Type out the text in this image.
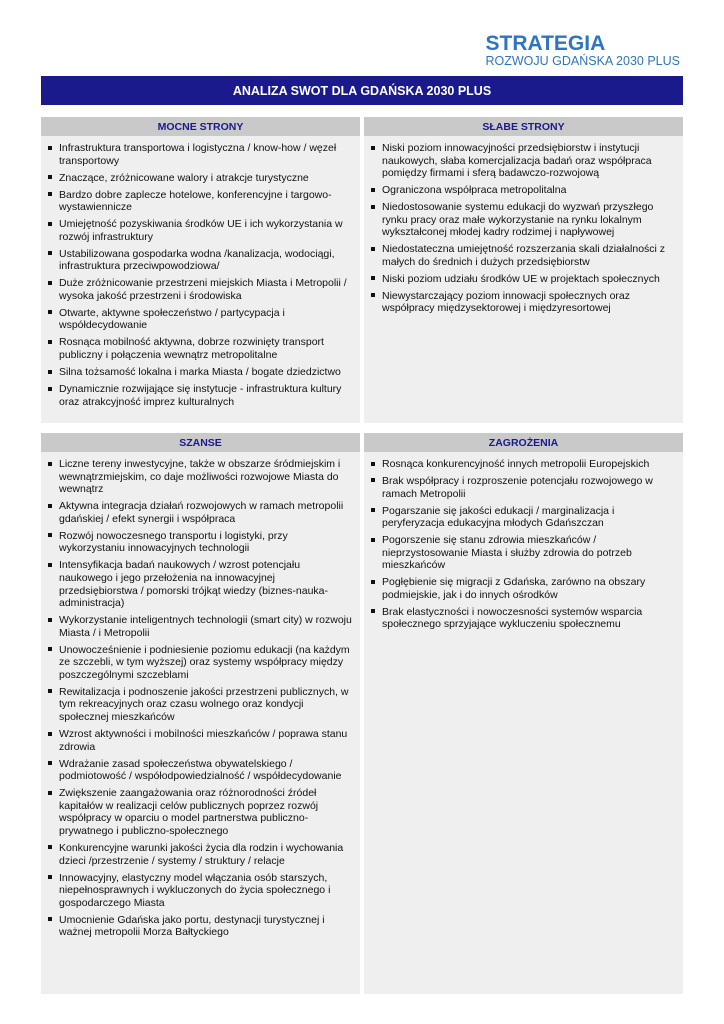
STRATEGIA
ROZWOJU GDAŃSKA 2030 PLUS
ANALIZA SWOT DLA GDAŃSKA 2030 PLUS
MOCNE STRONY
Infrastruktura transportowa i logistyczna / know-how / węzeł transportowy
Znaczące, zróżnicowane walory i atrakcje turystyczne
Bardzo dobre zaplecze hotelowe, konferencyjne i targowo-wystawiennicze
Umiejętność pozyskiwania środków UE i ich wykorzystania w rozwój infrastruktury
Ustabilizowana gospodarka wodna /kanalizacja, wodociągi, infrastruktura przeciwpowodziowa/
Duże zróżnicowanie przestrzeni miejskich Miasta i Metropolii / wysoka jakość przestrzeni i środowiska
Otwarte, aktywne społeczeństwo / partycypacja i współdecydowanie
Rosnąca mobilność aktywna, dobrze rozwinięty transport publiczny i połączenia wewnątrz metropolitalne
Silna tożsamość lokalna i marka Miasta / bogate dziedzictwo
Dynamicznie rozwijające się instytucje - infrastruktura kultury oraz atrakcyjność imprez kulturalnych
SŁABE STRONY
Niski poziom innowacyjności przedsiębiorstw i instytucji naukowych, słaba komercjalizacja badań oraz współpraca pomiędzy firmami i sferą badawczo-rozwojową
Ograniczona współpraca metropolitalna
Niedostosowanie systemu edukacji do wyzwań przyszłego rynku pracy oraz małe wykorzystanie na rynku lokalnym wykształconej młodej kadry rodzimej i napływowej
Niedostateczna umiejętność rozszerzania skali działalności z małych do średnich i dużych przedsiębiorstw
Niski poziom udziału środków UE w projektach społecznych
Niewystarczający poziom innowacji społecznych oraz współpracy międzysektorowej i międzyresortowej
SZANSE
Liczne tereny inwestycyjne, także w obszarze śródmiejskim i wewnątrzmiejskim, co daje możliwości rozwojowe Miasta do wewnątrz
Aktywna integracja działań rozwojowych w ramach metropolii gdańskiej / efekt synergii i współpraca
Rozwój nowoczesnego transportu i logistyki, przy wykorzystaniu innowacyjnych technologii
Intensyfikacja badań naukowych / wzrost potencjału naukowego i jego przełożenia na innowacyjnej przedsiębiorstwa / pomorski trójkąt wiedzy (biznes-nauka-administracja)
Wykorzystanie inteligentnych technologii (smart city) w rozwoju Miasta / i Metropolii
Unowocześnienie i podniesienie poziomu edukacji (na każdym ze szczebli, w tym wyższej) oraz systemy współpracy między poszczególnymi szczeblami
Rewitalizacja i podnoszenie jakości przestrzeni publicznych, w tym rekreacyjnych oraz czasu wolnego oraz kondycji społecznej mieszkańców
Wzrost aktywności i mobilności mieszkańców / poprawa stanu zdrowia
Wdrażanie zasad społeczeństwa obywatelskiego / podmiotowość / współodpowiedzialność / współdecydowanie
Zwiększenie zaangażowania oraz różnorodności źródeł kapitałów w realizacji celów publicznych poprzez rozwój współpracy w oparciu o model partnerstwa publiczno-prywatnego i publiczno-społecznego
Konkurencyjne warunki jakości życia dla rodzin i wychowania dzieci /przestrzenie / systemy / struktury / relacje
Innowacyjny, elastyczny model włączania osób starszych, niepełnosprawnych i wykluczonych do życia społecznego i gospodarczego Miasta
Umocnienie Gdańska jako portu, destynacji turystycznej i ważnej metropolii Morza Bałtyckiego
ZAGROŻENIA
Rosnąca konkurencyjność innych metropolii Europejskich
Brak współpracy i rozproszenie potencjału rozwojowego w ramach Metropolii
Pogarszanie się jakości edukacji / marginalizacja i peryferyzacja edukacyjna młodych Gdańszczan
Pogorszenie się stanu zdrowia mieszkańców / nieprzystosowanie Miasta i służby zdrowia do potrzeb mieszkańców
Pogłębienie się migracji z Gdańska, zarówno na obszary podmiejskie, jak i do innych ośrodków
Brak elastyczności i nowoczesności systemów wsparcia społecznego sprzyjające wykluczeniu społecznemu
